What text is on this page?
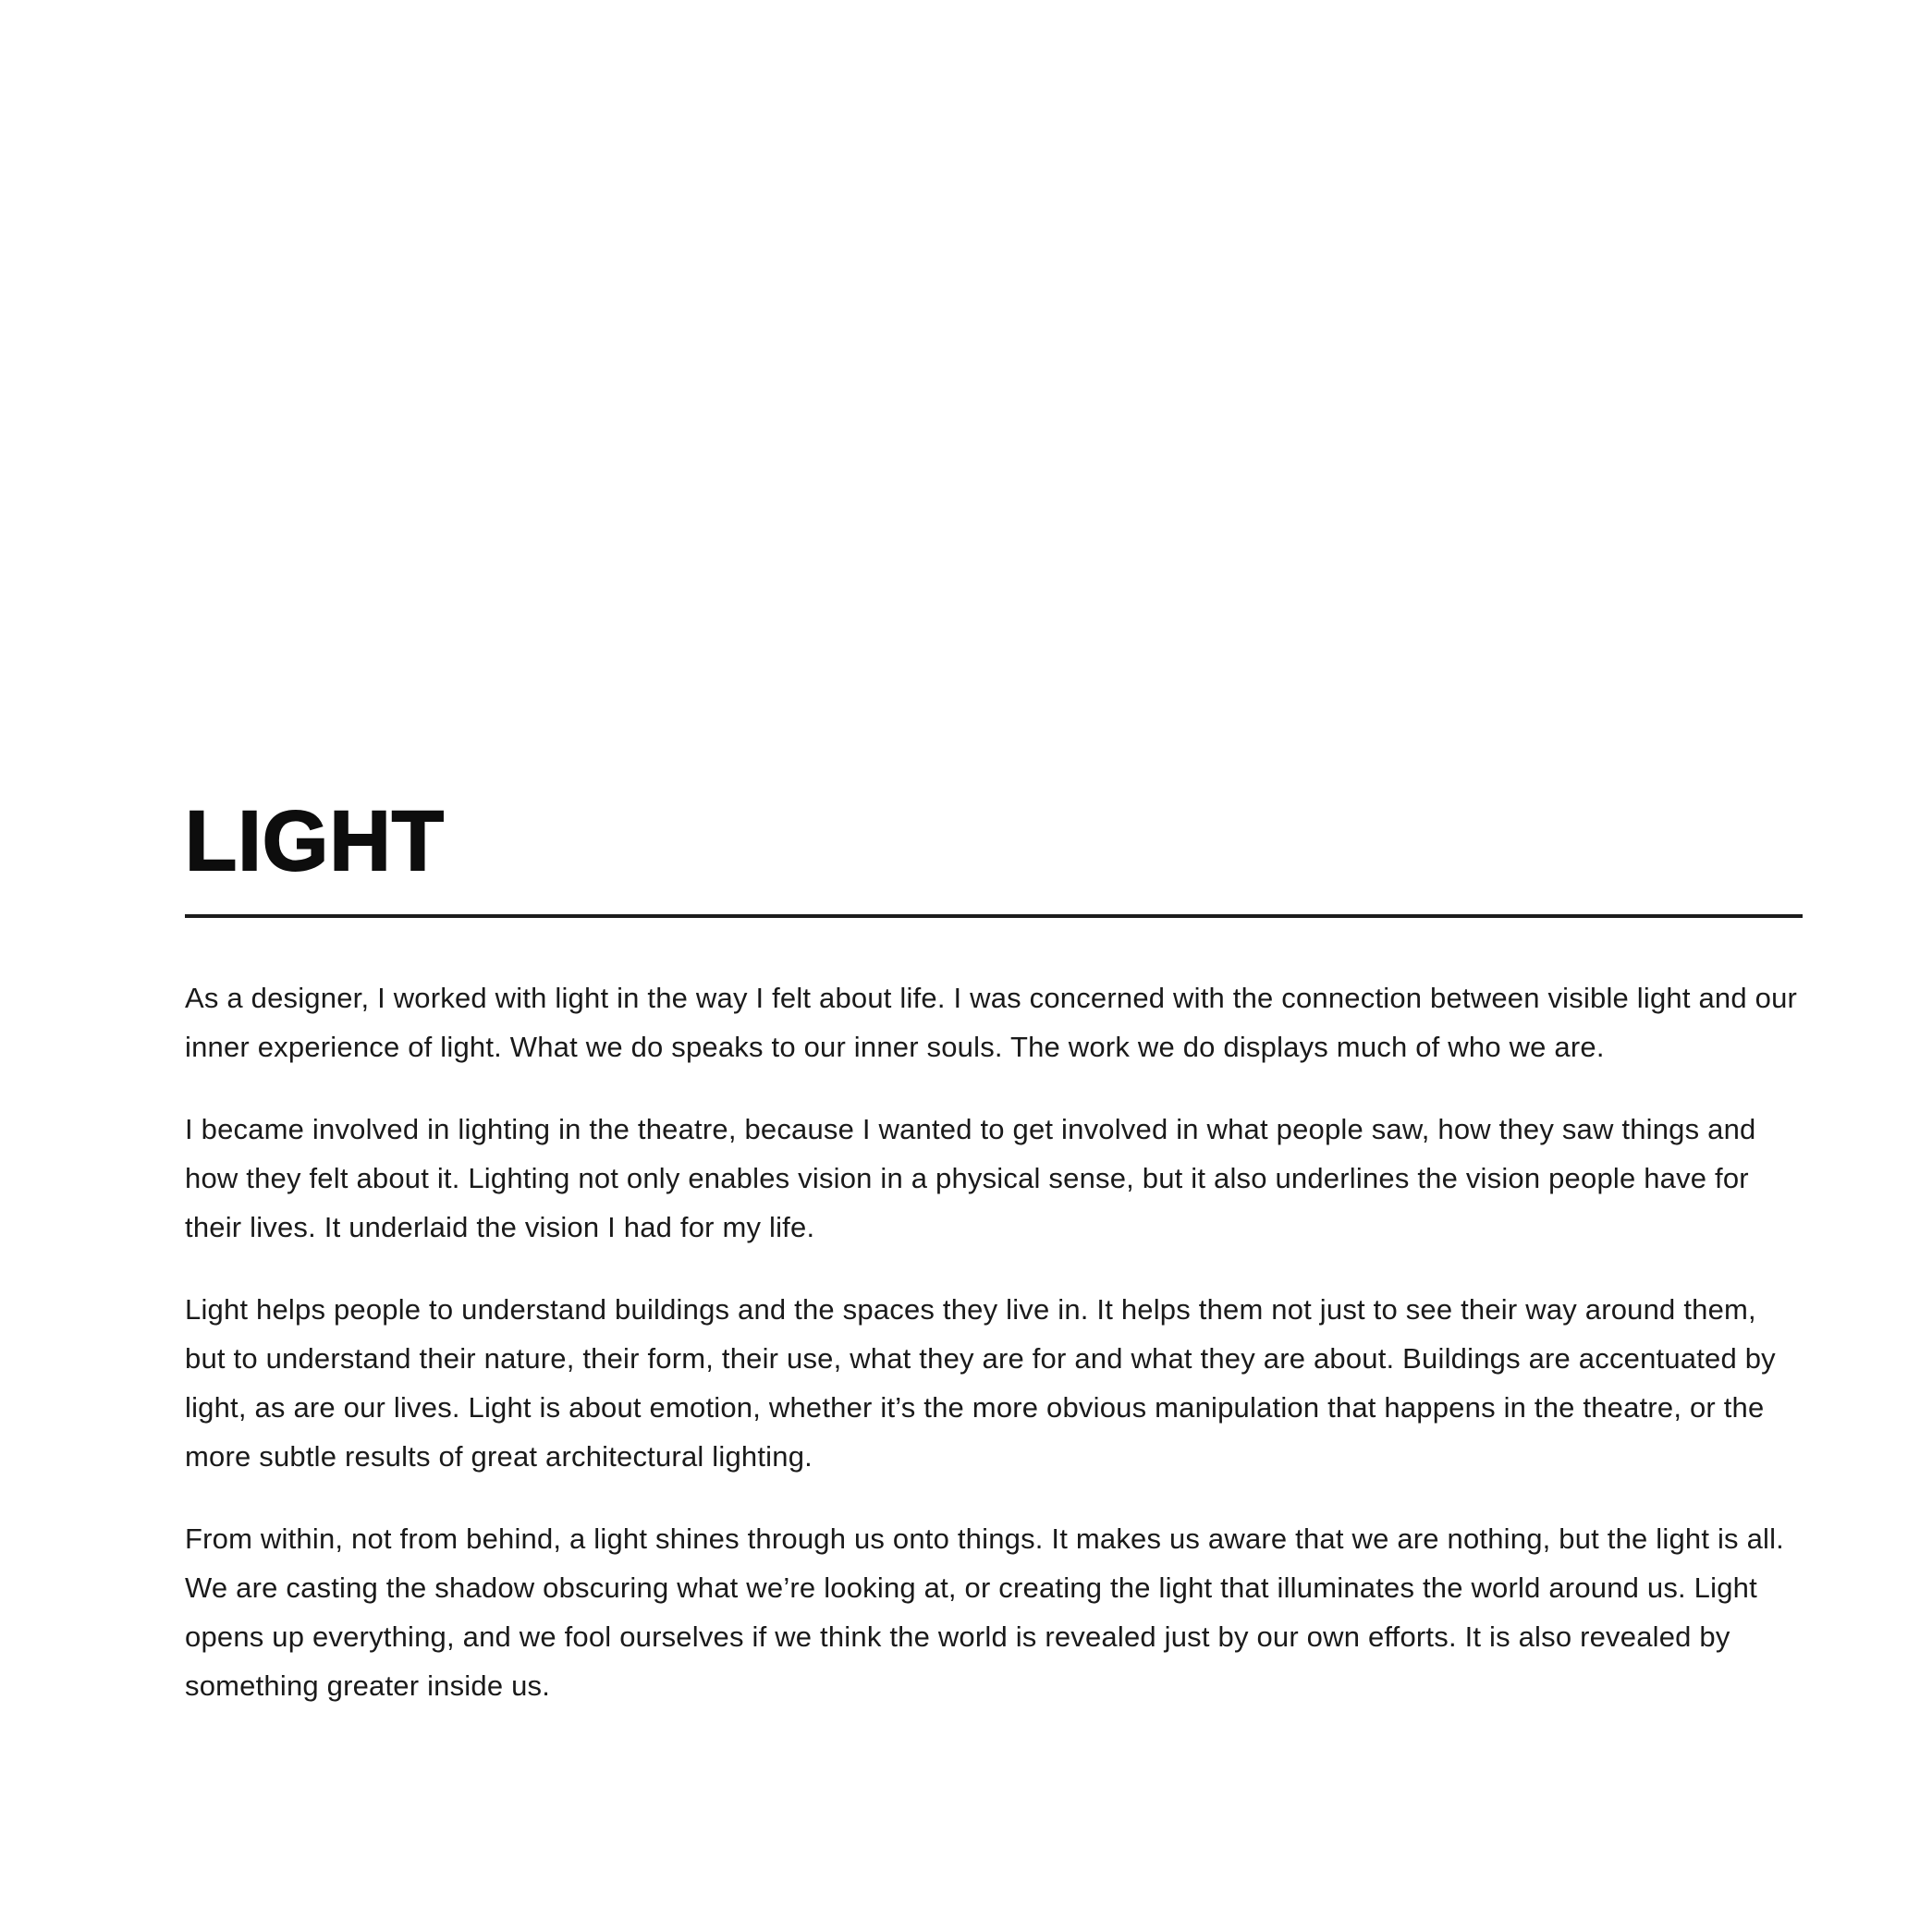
LIGHT

As a designer, I worked with light in the way I felt about life. I was concerned with the connection between visible light and our inner experience of light. What we do speaks to our inner souls. The work we do displays much of who we are.

I became involved in lighting in the theatre, because I wanted to get involved in what people saw, how they saw things and how they felt about it. Lighting not only enables vision in a physical sense, but it also underlines the vision people have for their lives. It underlaid the vision I had for my life.

Light helps people to understand buildings and the spaces they live in. It helps them not just to see their way around them, but to understand their nature, their form, their use, what they are for and what they are about. Buildings are accentuated by light, as are our lives. Light is about emotion, whether it’s the more obvious manipulation that happens in the theatre, or the more subtle results of great architectural lighting.

From within, not from behind, a light shines through us onto things. It makes us aware that we are nothing, but the light is all. We are casting the shadow obscuring what we’re looking at, or creating the light that illuminates the world around us. Light opens up everything, and we fool ourselves if we think the world is revealed just by our own efforts. It is also revealed by something greater inside us.
